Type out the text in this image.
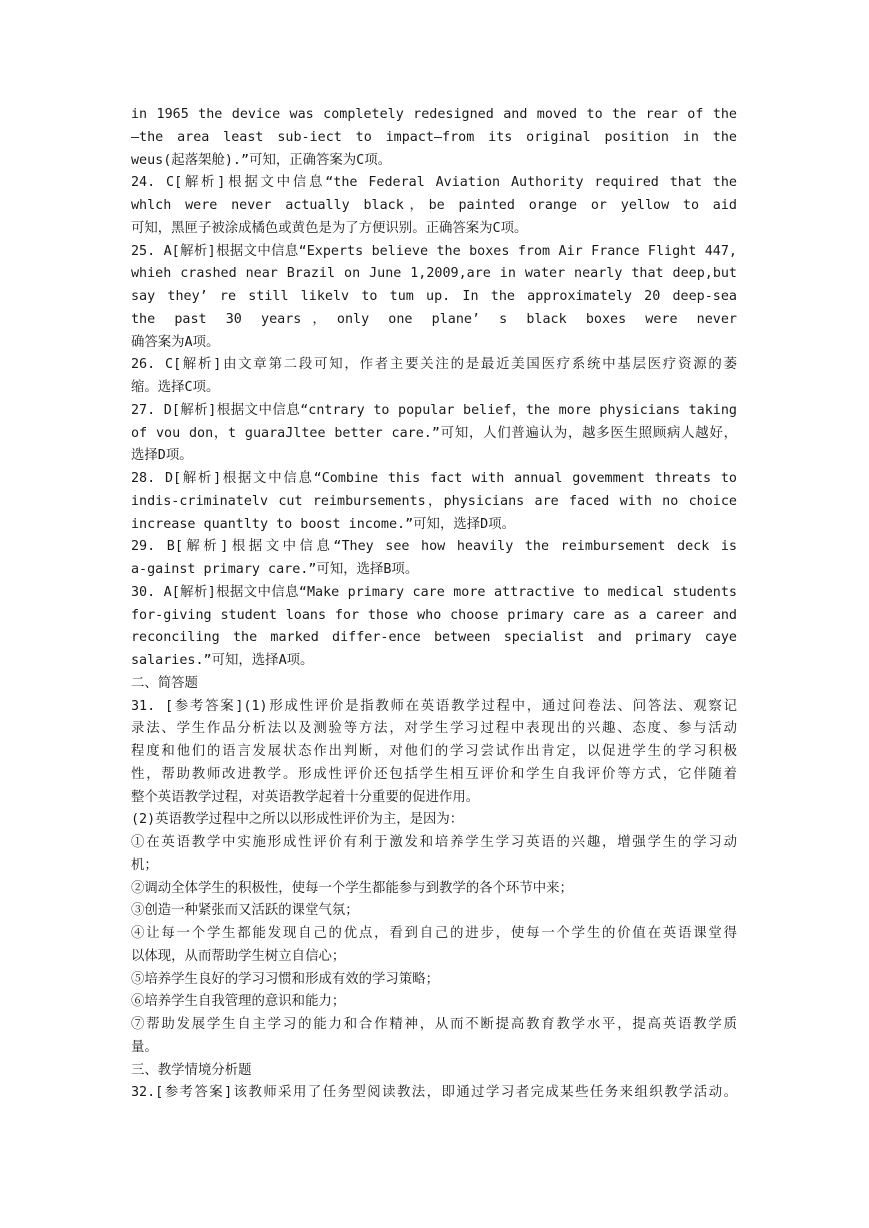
in 1965 the device was completely redesigned and moved to the rear of the
—the area least sub-iect to impact—from its original position in the
weus(起落架舱).”可知，正确答案为C项。
24. C[解析]根据文中信息“the Federal Aviation Authority required that the
whlch were never actually black，be painted orange or yellow to aid
可知，黑匣子被涂成橘色或黄色是为了方便识别。正确答案为C项。
25. A[解析]根据文中信息“Experts believe the boxes from Air France Flight 447,
whieh crashed near Brazil on June 1,2009,are in water nearly that deep,but
say they’ re still likelv to tum up. In the approximately 20 deep-sea
the past 30 years，only one plane’ s black boxes were never
确答案为A项。
26. C[解析]由文章第二段可知，作者主要关注的是最近美国医疗系统中基层医疗资源的萎
缩。选择C项。
27. D[解析]根据文中信息“cntrary to popular belief，the more physicians taking
of vou don，t guaraJltee better care.”可知，人们普遍认为，越多医生照顾病人越好，
选择D项。
28. D[解析]根据文中信息“Combine this fact with annual govemment threats to
indis-criminatelv cut reimbursements，physicians are faced with no choice
increase quantlty to boost income.”可知，选择D项。
29. B[解析]根据文中信息“They see how heavily the reimbursement deck is
a-gainst primary care.”可知，选择B项。
30. A[解析]根据文中信息“Make primary care more attractive to medical students
for-giving student loans for those who choose primary care as a career and
reconciling the marked differ-ence between specialist and primary caye
salaries.”可知，选择A项。
二、简答题
31. [参考答案](1)形成性评价是指教师在英语教学过程中，通过问卷法、问答法、观察记
录法、学生作品分析法以及测验等方法，对学生学习过程中表现出的兴趣、态度、参与活动
程度和他们的语言发展状态作出判断，对他们的学习尝试作出肯定，以促进学生的学习积极
性，帮助教师改进教学。形成性评价还包括学生相互评价和学生自我评价等方式，它伴随着
整个英语教学过程，对英语教学起着十分重要的促进作用。
(2)英语教学过程中之所以以形成性评价为主，是因为：
①在英语教学中实施形成性评价有利于激发和培养学生学习英语的兴趣，增强学生的学习动
机；
②调动全体学生的积极性，使每一个学生都能参与到教学的各个环节中来；
③创造一种紧张而又活跃的课堂气氛；
④让每一个学生都能发现自己的优点，看到自己的进步，使每一个学生的价值在英语课堂得
以体现，从而帮助学生树立自信心；
⑤培养学生良好的学习习惯和形成有效的学习策略；
⑥培养学生自我管理的意识和能力；
⑦帮助发展学生自主学习的能力和合作精神，从而不断提高教育教学水平，提高英语教学质
量。
三、教学情境分析题
32.[参考答案]该教师采用了任务型阅读教法，即通过学习者完成某些任务来组织教学活动。
